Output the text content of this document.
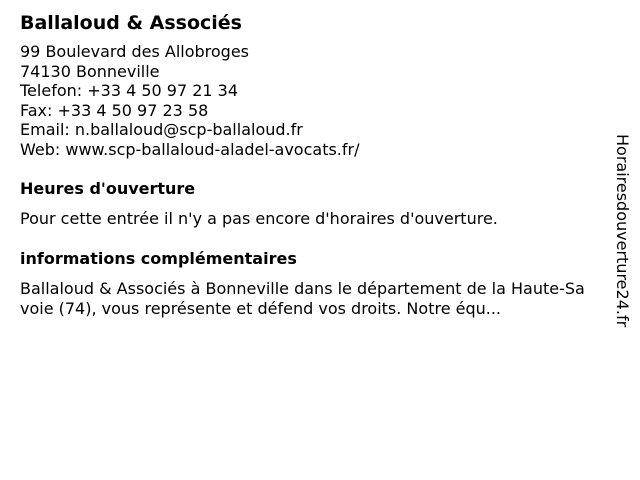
Ballaloud & Associés
99 Boulevard des Allobroges
74130 Bonneville
Telefon: +33 4 50 97 21 34
Fax: +33 4 50 97 23 58
Email: n.ballaloud@scp-ballaloud.fr
Web: www.scp-ballaloud-aladel-avocats.fr/
Heures d'ouverture
Pour cette entrée il n'y a pas encore d'horaires d'ouverture.
informations complémentaires
Ballaloud & Associés à Bonneville dans le département de la Haute-Savoie (74), vous représente et défend vos droits. Notre équ...	Horairesdouverture24.fr
